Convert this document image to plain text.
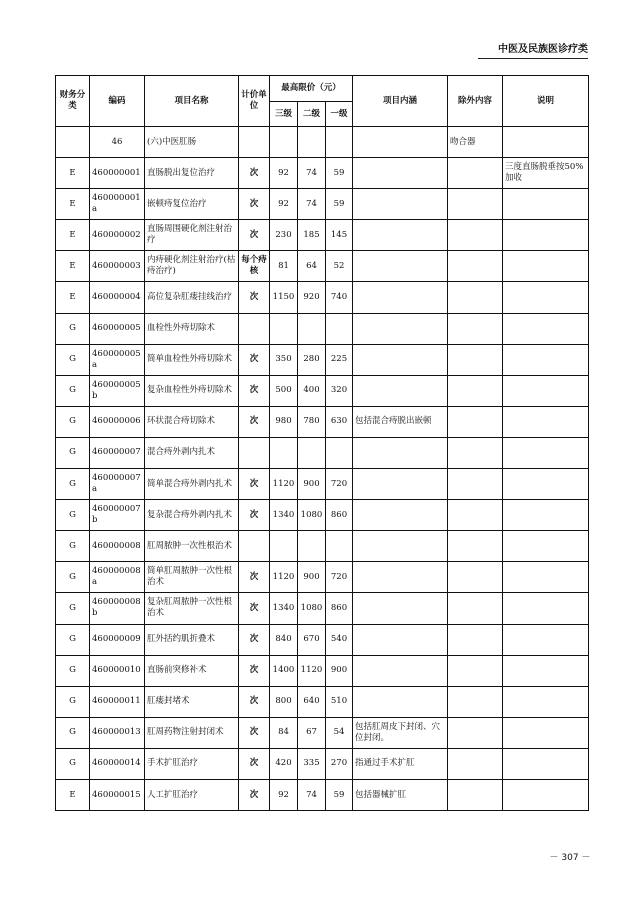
中医及民族医诊疗类
财务分类	编码	项目名称	计价单位	最高限价（元）			项目内涵	除外内容	说明
				三级	二级	一级			
	46	(六)中医肛肠						吻合器	
E	460000001	直肠脱出复位治疗	次	92	74	59			三度直肠脱垂按50%加收
E	460000001a	嵌顿痔复位治疗	次	92	74	59			
E	460000002	直肠周围硬化剂注射治疗	次	230	185	145			
E	460000003	内痔硬化剂注射治疗(枯痔治疗)	每个痔核	81	64	52			
E	460000004	高位复杂肛瘘挂线治疗	次	1150	920	740			
G	460000005	血栓性外痔切除术							
G	460000005a	简单血栓性外痔切除术	次	350	280	225			
G	460000005b	复杂血栓性外痔切除术	次	500	400	320			
G	460000006	环状混合痔切除术	次	980	780	630	包括混合痔脱出嵌顿		
G	460000007	混合痔外剥内扎术							
G	460000007a	简单混合痔外剥内扎术	次	1120	900	720			
G	460000007b	复杂混合痔外剥内扎术	次	1340	1080	860			
G	460000008	肛周脓肿一次性根治术							
G	460000008a	简单肛周脓肿一次性根治术	次	1120	900	720			
G	460000008b	复杂肛周脓肿一次性根治术	次	1340	1080	860			
G	460000009	肛外括约肌折叠术	次	840	670	540			
G	460000010	直肠前突修补术	次	1400	1120	900			
G	460000011	肛瘘封堵术	次	800	640	510			
G	460000013	肛周药物注射封闭术	次	84	67	54	包括肛周皮下封闭、穴位封闭。		
G	460000014	手术扩肛治疗	次	420	335	270	指通过手术扩肛		
E	460000015	人工扩肛治疗	次	92	74	59	包括器械扩肛		
－ 307 －
